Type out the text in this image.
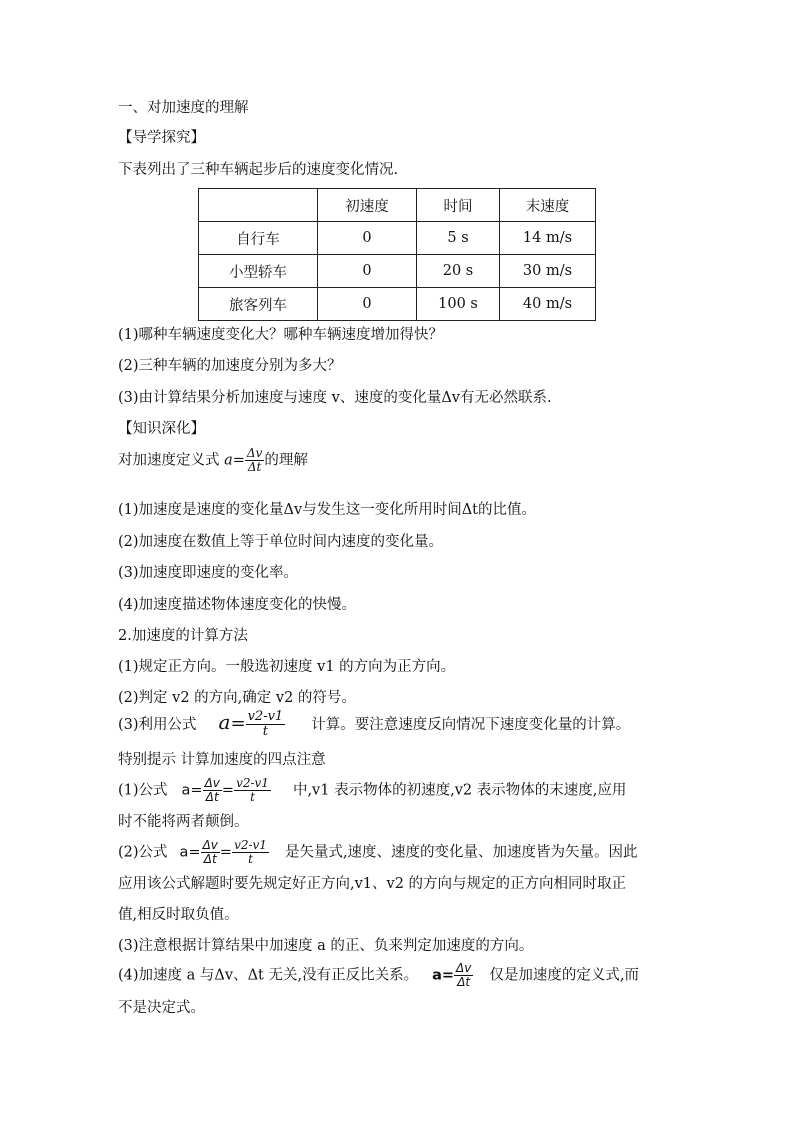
一、对加速度的理解
【导学探究】
下表列出了三种车辆起步后的速度变化情况.
	初速度	时间	末速度
自行车	0	5 s	14 m/s
小型轿车	0	20 s	30 m/s
旅客列车	0	100 s	40 m/s
(1)哪种车辆速度变化大？哪种车辆速度增加得快？
(2)三种车辆的加速度分别为多大？
(3)由计算结果分析加速度与速度 v、速度的变化量Δv有无必然联系.
【知识深化】
对加速度定义式 $a= \frac{\Delta v}{\Delta t}$ 的理解
(1)加速度是速度的变化量Δv与发生这一变化所用时间Δt的比值。
(2)加速度在数值上等于单位时间内速度的变化量。
(3)加速度即速度的变化率。
(4)加速度描述物体速度变化的快慢。
2.加速度的计算方法
(1)规定正方向。一般选初速度 v1 的方向为正方向。
(2)判定 v2 的方向,确定 v2 的符号。
(3)利用公式 $a= \frac{v2-v1}{t}$ 计算。要注意速度反向情况下速度变化量的计算。
特别提示 计算加速度的四点注意
(1)公式 $a= \frac{\Delta v}{\Delta t} = \frac{v2-v1}{t}$ 中,v1 表示物体的初速度,v2 表示物体的末速度,应用
时不能将两者颠倒。
(2)公式 $a= \frac{\Delta v}{\Delta t} = \frac{v2-v1}{t}$ 是矢量式,速度、速度的变化量、加速度皆为矢量。因此
应用该公式解题时要先规定好正方向,v1、v2 的方向与规定的正方向相同时取正
值,相反时取负值。
(3)注意根据计算结果中加速度 a 的正、负来判定加速度的方向。
(4)加速度 a 与Δv、Δt 无关,没有正反比关系。 $a= \frac{\Delta v}{\Delta t}$ 仅是加速度的定义式,而
不是决定式。
